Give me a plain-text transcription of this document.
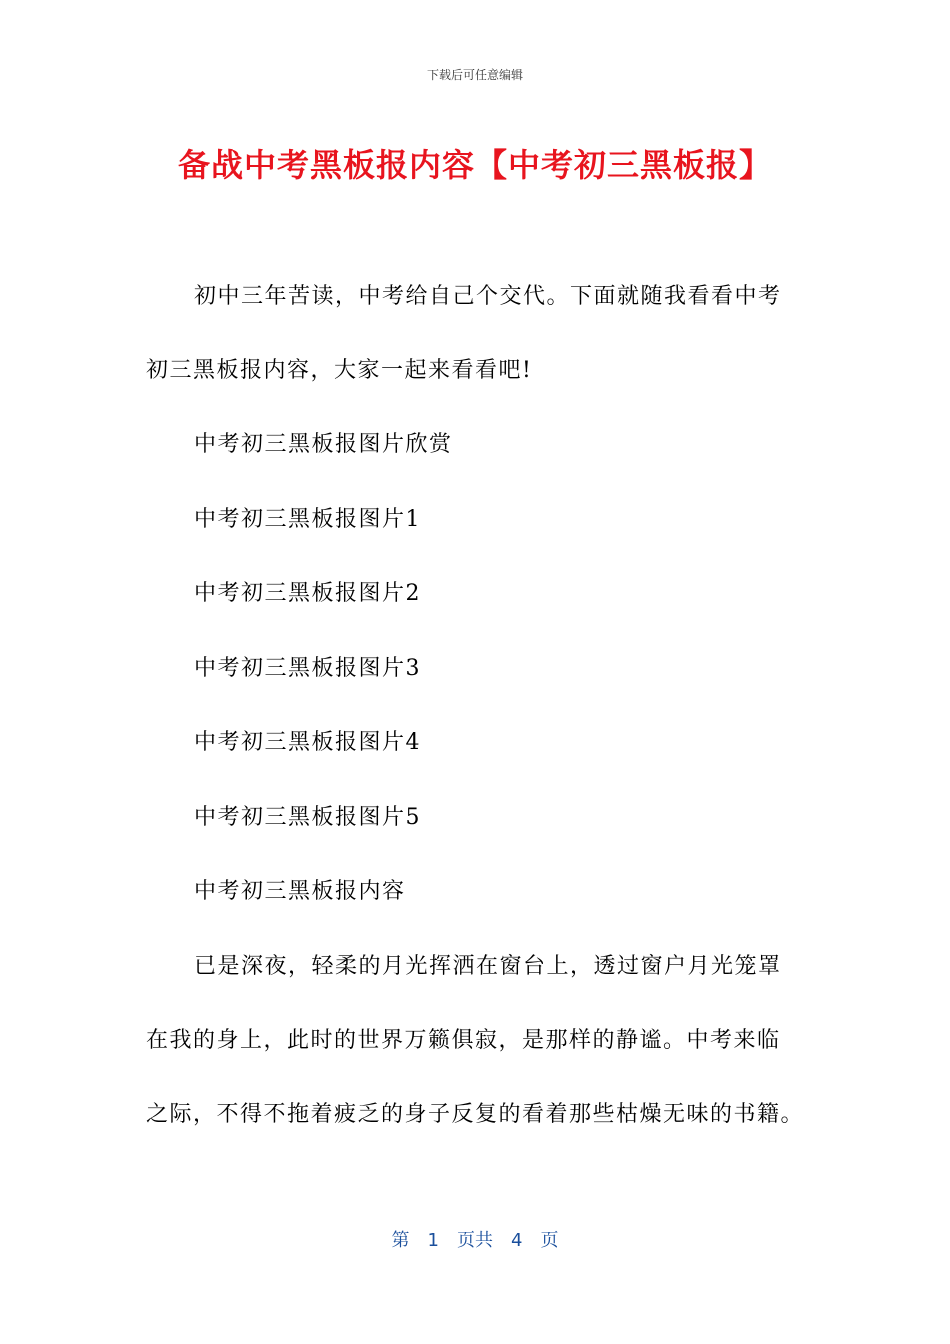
下载后可任意编辑
备战中考黑板报内容【中考初三黑板报】
初中三年苦读，中考给自己个交代。下面就随我看看中考
初三黑板报内容，大家一起来看看吧!
中考初三黑板报图片欣赏
中考初三黑板报图片1
中考初三黑板报图片2
中考初三黑板报图片3
中考初三黑板报图片4
中考初三黑板报图片5
中考初三黑板报内容
已是深夜，轻柔的月光挥洒在窗台上，透过窗户月光笼罩
在我的身上，此时的世界万籁俱寂，是那样的静谧。中考来临
之际，不得不拖着疲乏的身子反复的看着那些枯燥无味的书籍。
第 1 页共 4 页
